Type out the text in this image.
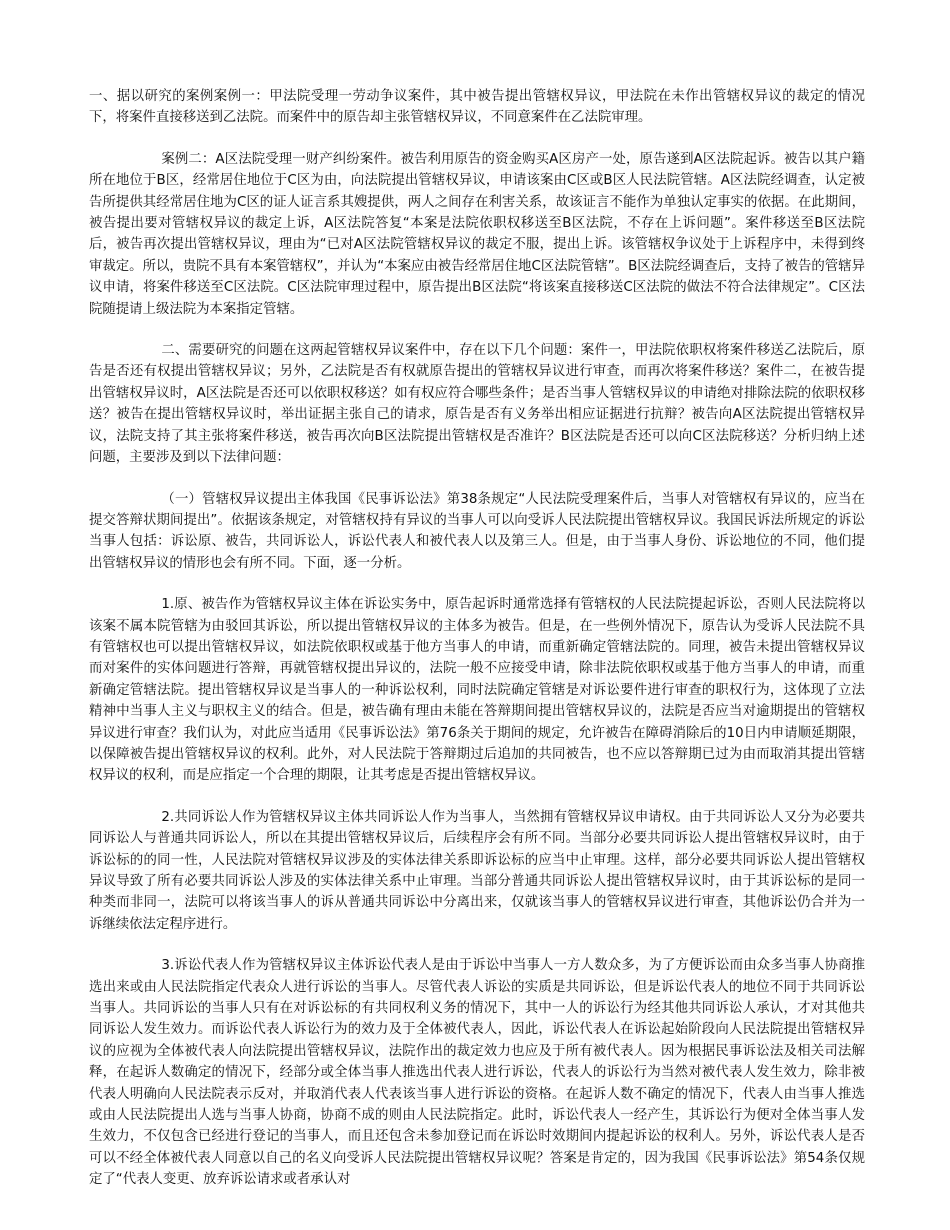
一、据以研究的案例案例一：甲法院受理一劳动争议案件，其中被告提出管辖权异议，甲法院在未作出管辖权异议的裁定的情况下，将案件直接移送到乙法院。而案件中的原告却主张管辖权异议，不同意案件在乙法院审理。

案例二：A区法院受理一财产纠纷案件。被告利用原告的资金购买A区房产一处，原告遂到A区法院起诉。被告以其户籍所在地位于B区，经常居住地位于C区为由，向法院提出管辖权异议，申请该案由C区或B区人民法院管辖。A区法院经调查，认定被告所提供其经常居住地为C区的证人证言系其嫂提供，两人之间存在利害关系，故该证言不能作为单独认定事实的依据。在此期间，被告提出要对管辖权异议的裁定上诉，A区法院答复“本案是法院依职权移送至B区法院，不存在上诉问题”。案件移送至B区法院后，被告再次提出管辖权异议，理由为“已对A区法院管辖权异议的裁定不服，提出上诉。该管辖权争议处于上诉程序中，未得到终审裁定。所以，贵院不具有本案管辖权”，并认为“本案应由被告经常居住地C区法院管辖”。B区法院经调查后，支持了被告的管辖异议申请，将案件移送至C区法院。C区法院审理过程中，原告提出B区法院“将该案直接移送C区法院的做法不符合法律规定”。C区法院随提请上级法院为本案指定管辖。

二、需要研究的问题在这两起管辖权异议案件中，存在以下几个问题：案件一，甲法院依职权将案件移送乙法院后，原告是否还有权提出管辖权异议；另外，乙法院是否有权就原告提出的管辖权异议进行审查，而再次将案件移送？案件二，在被告提出管辖权异议时，A区法院是否还可以依职权移送？如有权应符合哪些条件；是否当事人管辖权异议的申请绝对排除法院的依职权移送？被告在提出管辖权异议时，举出证据主张自己的请求，原告是否有义务举出相应证据进行抗辩？被告向A区法院提出管辖权异议，法院支持了其主张将案件移送，被告再次向B区法院提出管辖权是否准许？B区法院是否还可以向C区法院移送？分析归纳上述问题，主要涉及到以下法律问题：

（一）管辖权异议提出主体我国《民事诉讼法》第38条规定“人民法院受理案件后，当事人对管辖权有异议的，应当在提交答辩状期间提出”。依据该条规定，对管辖权持有异议的当事人可以向受诉人民法院提出管辖权异议。我国民诉法所规定的诉讼当事人包括：诉讼原、被告，共同诉讼人，诉讼代表人和被代表人以及第三人。但是，由于当事人身份、诉讼地位的不同，他们提出管辖权异议的情形也会有所不同。下面，逐一分析。

1.原、被告作为管辖权异议主体在诉讼实务中，原告起诉时通常选择有管辖权的人民法院提起诉讼，否则人民法院将以该案不属本院管辖为由驳回其诉讼，所以提出管辖权异议的主体多为被告。但是，在一些例外情况下，原告认为受诉人民法院不具有管辖权也可以提出管辖权异议，如法院依职权或基于他方当事人的申请，而重新确定管辖法院的。同理，被告未提出管辖权异议而对案件的实体问题进行答辩，再就管辖权提出异议的，法院一般不应接受申请，除非法院依职权或基于他方当事人的申请，而重新确定管辖法院。提出管辖权异议是当事人的一种诉讼权利，同时法院确定管辖是对诉讼要件进行审查的职权行为，这体现了立法精神中当事人主义与职权主义的结合。但是，被告确有理由未能在答辩期间提出管辖权异议的，法院是否应当对逾期提出的管辖权异议进行审查？我们认为，对此应当适用《民事诉讼法》第76条关于期间的规定，允许被告在障碍消除后的10日内申请顺延期限，以保障被告提出管辖权异议的权利。此外，对人民法院于答辩期过后追加的共同被告，也不应以答辩期已过为由而取消其提出管辖权异议的权利，而是应指定一个合理的期限，让其考虑是否提出管辖权异议。

2.共同诉讼人作为管辖权异议主体共同诉讼人作为当事人，当然拥有管辖权异议申请权。由于共同诉讼人又分为必要共同诉讼人与普通共同诉讼人，所以在其提出管辖权异议后，后续程序会有所不同。当部分必要共同诉讼人提出管辖权异议时，由于诉讼标的的同一性，人民法院对管辖权异议涉及的实体法律关系即诉讼标的应当中止审理。这样，部分必要共同诉讼人提出管辖权异议导致了所有必要共同诉讼人涉及的实体法律关系中止审理。当部分普通共同诉讼人提出管辖权异议时，由于其诉讼标的是同一种类而非同一，法院可以将该当事人的诉从普通共同诉讼中分离出来，仅就该当事人的管辖权异议进行审查，其他诉讼仍合并为一诉继续依法定程序进行。

3.诉讼代表人作为管辖权异议主体诉讼代表人是由于诉讼中当事人一方人数众多，为了方便诉讼而由众多当事人协商推选出来或由人民法院指定代表众人进行诉讼的当事人。尽管代表人诉讼的实质是共同诉讼，但是诉讼代表人的地位不同于共同诉讼当事人。共同诉讼的当事人只有在对诉讼标的有共同权利义务的情况下，其中一人的诉讼行为经其他共同诉讼人承认，才对其他共同诉讼人发生效力。而诉讼代表人诉讼行为的效力及于全体被代表人，因此，诉讼代表人在诉讼起始阶段向人民法院提出管辖权异议的应视为全体被代表人向法院提出管辖权异议，法院作出的裁定效力也应及于所有被代表人。因为根据民事诉讼法及相关司法解释，在起诉人数确定的情况下，经部分或全体当事人推选出代表人进行诉讼，代表人的诉讼行为当然对被代表人发生效力，除非被代表人明确向人民法院表示反对，并取消代表人代表该当事人进行诉讼的资格。在起诉人数不确定的情况下，代表人由当事人推选或由人民法院提出人选与当事人协商，协商不成的则由人民法院指定。此时，诉讼代表人一经产生，其诉讼行为便对全体当事人发生效力，不仅包含已经进行登记的当事人，而且还包含未参加登记而在诉讼时效期间内提起诉讼的权利人。另外，诉讼代表人是否可以不经全体被代表人同意以自己的名义向受诉人民法院提出管辖权异议呢？答案是肯定的，因为我国《民事诉讼法》第54条仅规定了“代表人变更、放弃诉讼请求或者承认对
